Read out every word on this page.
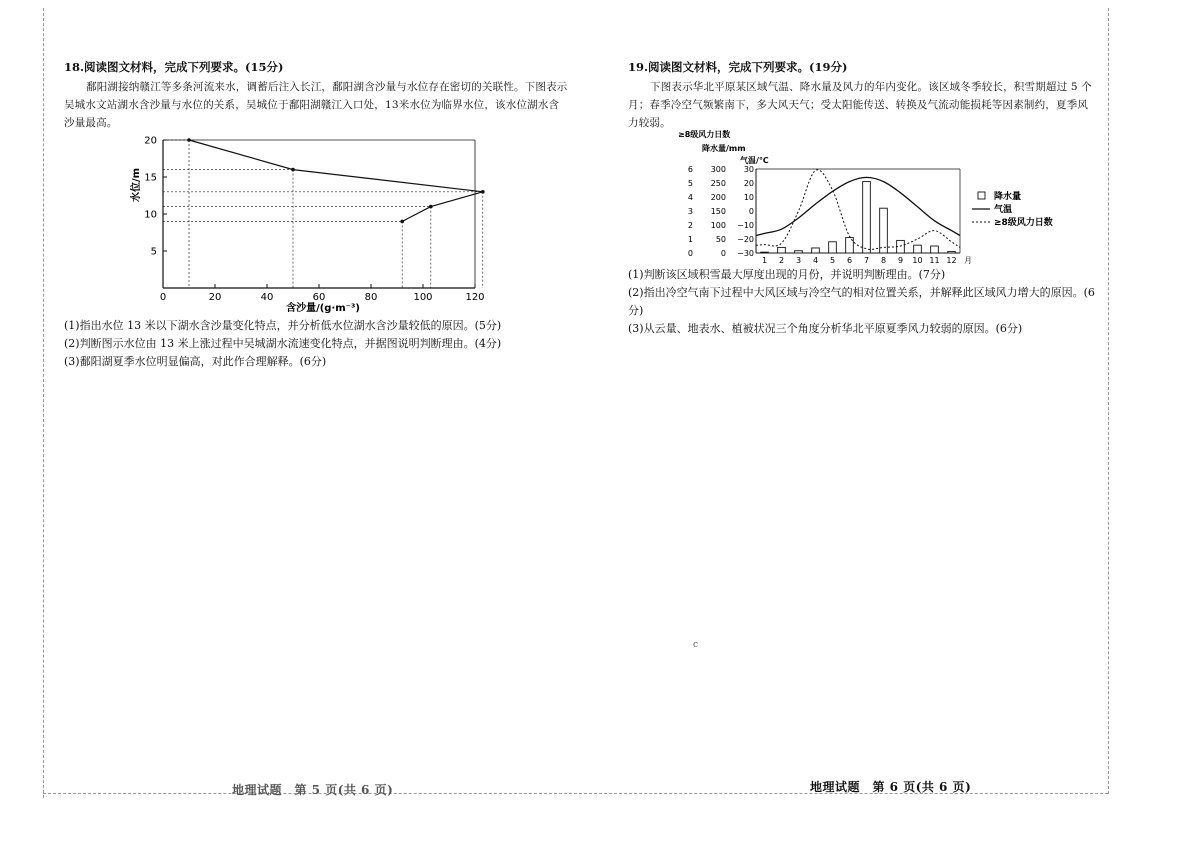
18.阅读图文材料，完成下列要求。(15分)
鄱阳湖接纳赣江等多条河流来水，调蓄后注入长江，鄱阳湖含沙量与水位存在密切的关联性。下图表示吴城水文站湖水含沙量与水位的关系，吴城位于鄱阳湖赣江入口处，13米水位为临界水位，该水位湖水含沙量最高。
5
10
15
20
0	20	40	60	80	100	120
水位/m
含沙量/(g·m⁻³)

(1)指出水位 13 米以下湖水含沙量变化特点，并分析低水位湖水含沙量较低的原因。(5分)

(2)判断图示水位由 13 米上涨过程中吴城湖水流速变化特点，并据图说明判断理由。(4分)

(3)鄱阳湖夏季水位明显偏高，对此作合理解释。(6分)

19.阅读图文材料，完成下列要求。(19分)
下图表示华北平原某区域气温、降水量及风力的年内变化。该区域冬季较长，积雪期超过 5 个月；春季冷空气频繁南下，多大风天气；受太阳能传送、转换及气流动能损耗等因素制约，夏季风力较弱。
≥8级风力日数
降水量/mm
气温/℃
6 300 30
5 250 20
4 200 10
3 150	0
2 100 −10
1	50 −20
0	0 −30
1 2 3 4 5 6 7 8 9 10 11 12 月
降水量
气温
≥8级风力日数

(1)判断该区域积雪最大厚度出现的月份，并说明判断理由。(7分)

(2)指出冷空气南下过程中大风区域与冷空气的相对位置关系，并解释此区域风力增大的原因。(6分)

(3)从云量、地表水、植被状况三个角度分析华北平原夏季风力较弱的原因。(6分)

c
地理试题　第 5 页(共 6 页)	地理试题　第 6 页(共 6 页)
